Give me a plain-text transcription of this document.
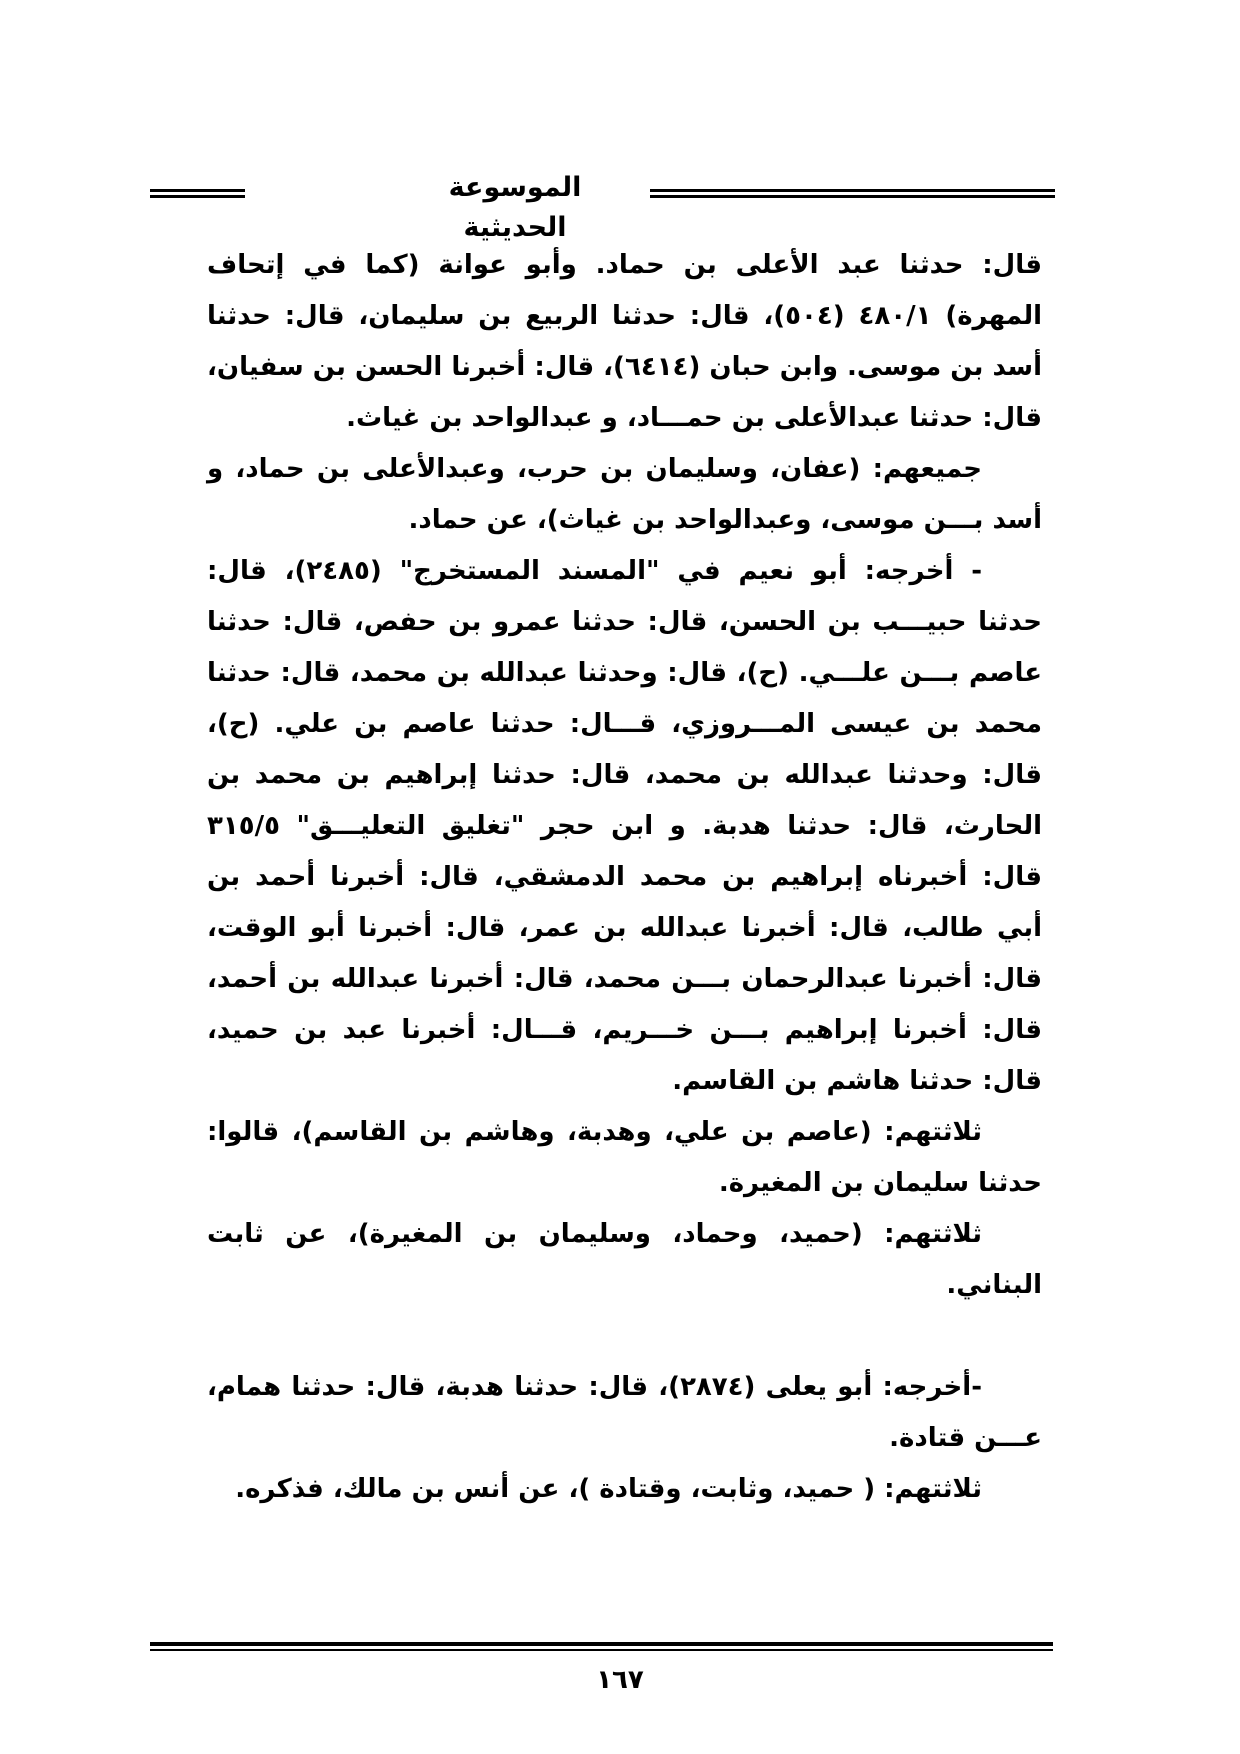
الموسوعة الحديثية

قال: حدثنا عبد الأعلى بن حماد. وأبو عوانة (كما في إتحاف المهرة) ٤٨٠/١ (٥٠٤)، قال: حدثنا الربيع بن سليمان، قال: حدثنا أسد بن موسى. وابن حبان (٦٤١٤)، قال: أخبرنا الحسن بن سفيان، قال: حدثنا عبدالأعلى بن حمـــاد، و عبدالواحد بن غياث.

جميعهم: (عفان، وسليمان بن حرب، وعبدالأعلى بن حماد، و أسد بـــن موسى، وعبدالواحد بن غياث)، عن حماد.

- أخرجه: أبو نعيم في "المسند المستخرج" (٢٤٨٥)، قال: حدثنا حبيـــب بن الحسن، قال: حدثنا عمرو بن حفص، قال: حدثنا عاصم بـــن علـــي. (ح)، قال: وحدثنا عبدالله بن محمد، قال: حدثنا محمد بن عيسى المـــروزي، قـــال: حدثنا عاصم بن علي. (ح)، قال: وحدثنا عبدالله بن محمد، قال: حدثنا إبراهيم بن محمد بن الحارث، قال: حدثنا هدبة. و ابن حجر "تغليق التعليـــق" ٣١٥/٥ قال: أخبرناه إبراهيم بن محمد الدمشقي، قال: أخبرنا أحمد بن أبي طالب، قال: أخبرنا عبدالله بن عمر، قال: أخبرنا أبو الوقت، قال: أخبرنا عبدالرحمان بـــن محمد، قال: أخبرنا عبدالله بن أحمد، قال: أخبرنا إبراهيم بـــن خـــريم، قـــال: أخبرنا عبد بن حميد، قال: حدثنا هاشم بن القاسم.

ثلاثتهم: (عاصم بن علي، وهدبة، وهاشم بن القاسم)، قالوا: حدثنا سليمان بن المغيرة.

ثلاثتهم: (حميد، وحماد، وسليمان بن المغيرة)، عن ثابت البناني.

-أخرجه: أبو يعلى (٢٨٧٤)، قال: حدثنا هدبة، قال: حدثنا همام، عـــن قتادة.

ثلاثتهم: ( حميد، وثابت، وقتادة )، عن أنس بن مالك، فذكره.

١٦٧
